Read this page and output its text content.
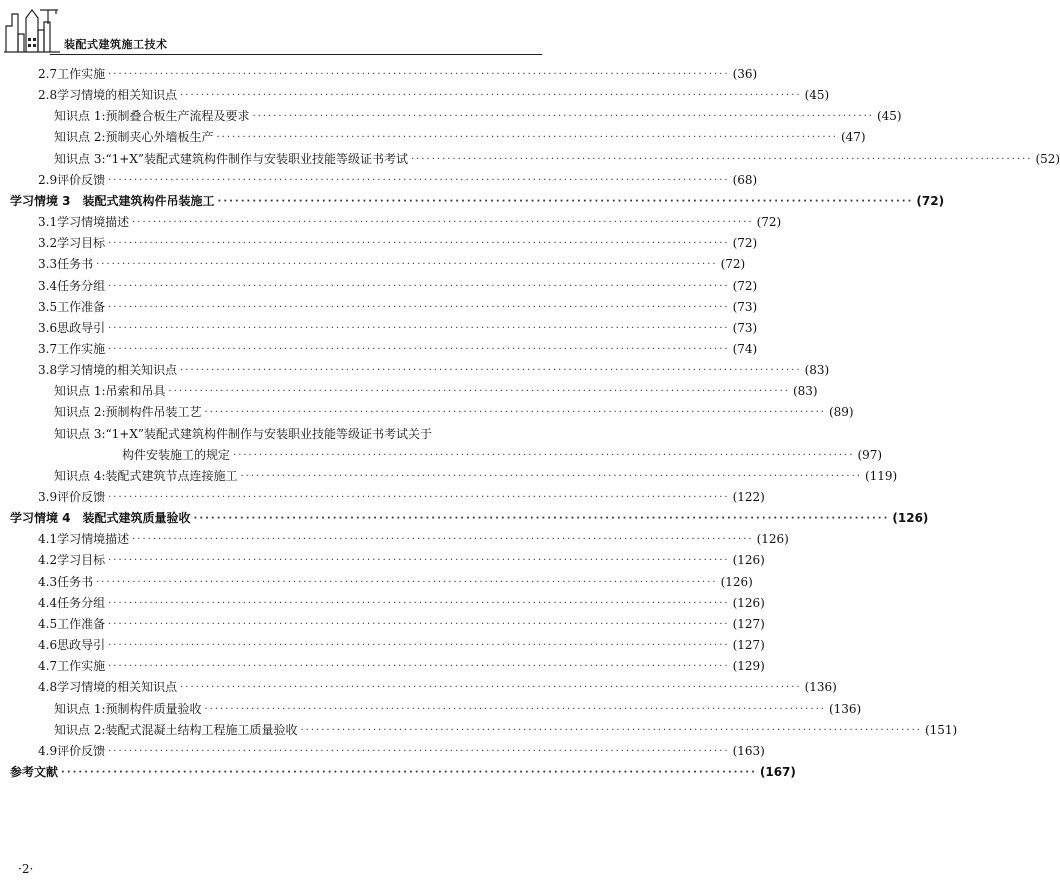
装配式建筑施工技术
2.7 工作实施 ························································································································ (36)
2.8 学习情境的相关知识点 ························································································································ (45)
知识点 1:预制叠合板生产流程及要求 ························································································································ (45)
知识点 2:预制夹心外墙板生产 ························································································································ (47)
知识点 3:“1+X”装配式建筑构件制作与安装职业技能等级证书考试 ························································································································ (52)
2.9 评价反馈 ························································································································ (68)
学习情境 3　装配式建筑构件吊装施工 ························································································································ (72)
3.1 学习情境描述 ························································································································ (72)
3.2 学习目标 ························································································································ (72)
3.3 任务书 ························································································································ (72)
3.4 任务分组 ························································································································ (72)
3.5 工作准备 ························································································································ (73)
3.6 思政导引 ························································································································ (73)
3.7 工作实施 ························································································································ (74)
3.8 学习情境的相关知识点 ························································································································ (83)
知识点 1:吊索和吊具 ························································································································ (83)
知识点 2:预制构件吊装工艺 ························································································································ (89)
知识点 3:“1+X”装配式建筑构件制作与安装职业技能等级证书考试关于
构件安装施工的规定 ························································································································ (97)
知识点 4:装配式建筑节点连接施工 ························································································································ (119)
3.9 评价反馈 ························································································································ (122)
学习情境 4　装配式建筑质量验收 ························································································································ (126)
4.1 学习情境描述 ························································································································ (126)
4.2 学习目标 ························································································································ (126)
4.3 任务书 ························································································································ (126)
4.4 任务分组 ························································································································ (126)
4.5 工作准备 ························································································································ (127)
4.6 思政导引 ························································································································ (127)
4.7 工作实施 ························································································································ (129)
4.8 学习情境的相关知识点 ························································································································ (136)
知识点 1:预制构件质量验收 ························································································································ (136)
知识点 2:装配式混凝土结构工程施工质量验收 ························································································································ (151)
4.9 评价反馈 ························································································································ (163)
参考文献 ························································································································ (167)
·2·
